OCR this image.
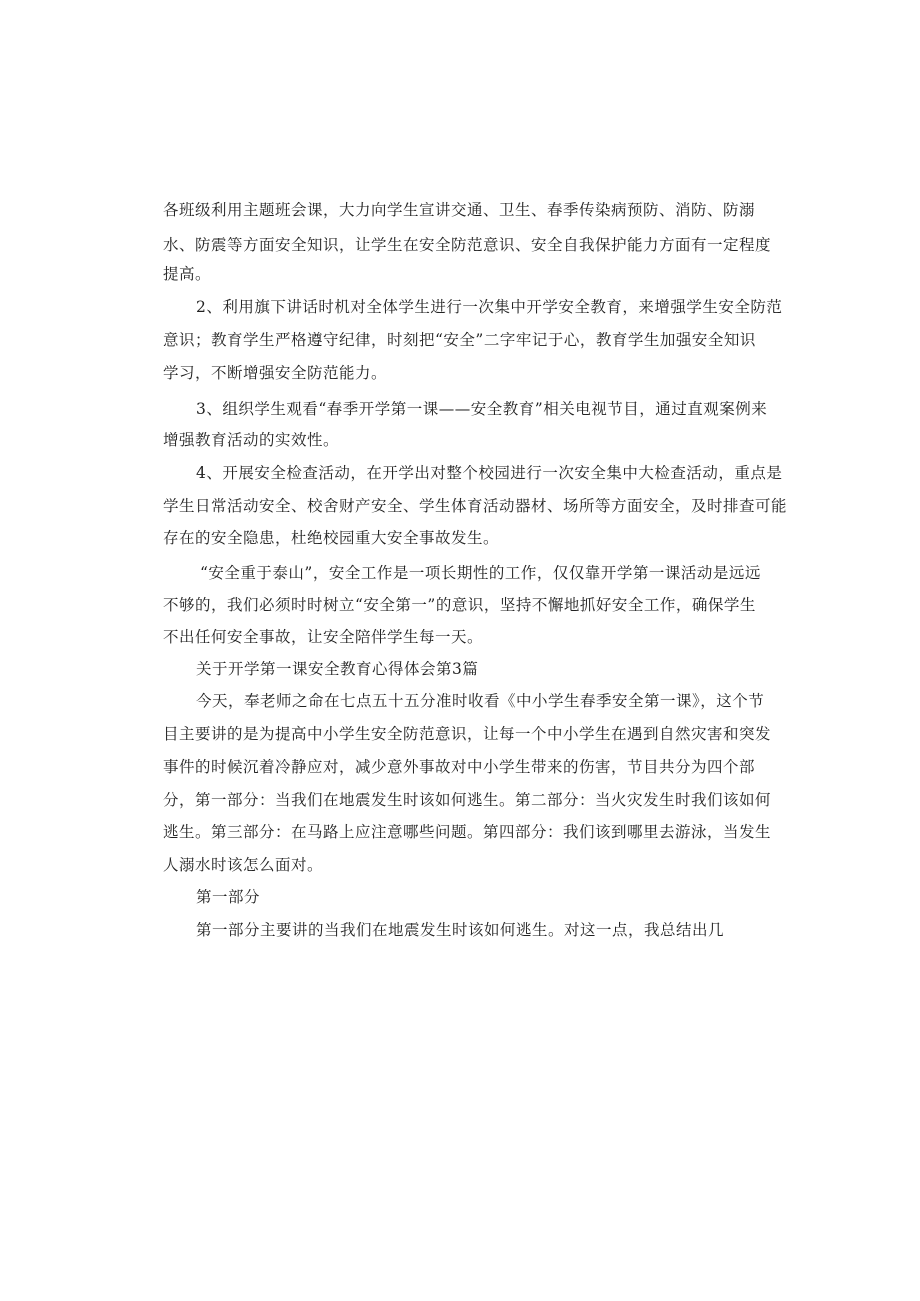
各班级利用主题班会课，大力向学生宣讲交通、卫生、春季传染病预防、消防、防溺
水、防震等方面安全知识，让学生在安全防范意识、安全自我保护能力方面有一定程度
提高。
2、利用旗下讲话时机对全体学生进行一次集中开学安全教育，来增强学生安全防范
意识；教育学生严格遵守纪律，时刻把“安全”二字牢记于心，教育学生加强安全知识
学习，不断增强安全防范能力。
3、组织学生观看“春季开学第一课——安全教育”相关电视节目，通过直观案例来
增强教育活动的实效性。
4、开展安全检查活动，在开学出对整个校园进行一次安全集中大检查活动，重点是
学生日常活动安全、校舍财产安全、学生体育活动器材、场所等方面安全，及时排查可能
存在的安全隐患，杜绝校园重大安全事故发生。
“安全重于泰山”，安全工作是一项长期性的工作，仅仅靠开学第一课活动是远远
不够的，我们必须时时树立“安全第一”的意识，坚持不懈地抓好安全工作，确保学生
不出任何安全事故，让安全陪伴学生每一天。
关于开学第一课安全教育心得体会第3篇
今天，奉老师之命在七点五十五分准时收看《中小学生春季安全第一课》，这个节
目主要讲的是为提高中小学生安全防范意识，让每一个中小学生在遇到自然灾害和突发
事件的时候沉着冷静应对，减少意外事故对中小学生带来的伤害，节目共分为四个部
分，第一部分：当我们在地震发生时该如何逃生。第二部分：当火灾发生时我们该如何
逃生。第三部分：在马路上应注意哪些问题。第四部分：我们该到哪里去游泳，当发生
人溺水时该怎么面对。
第一部分
第一部分主要讲的当我们在地震发生时该如何逃生。对这一点，我总结出几
